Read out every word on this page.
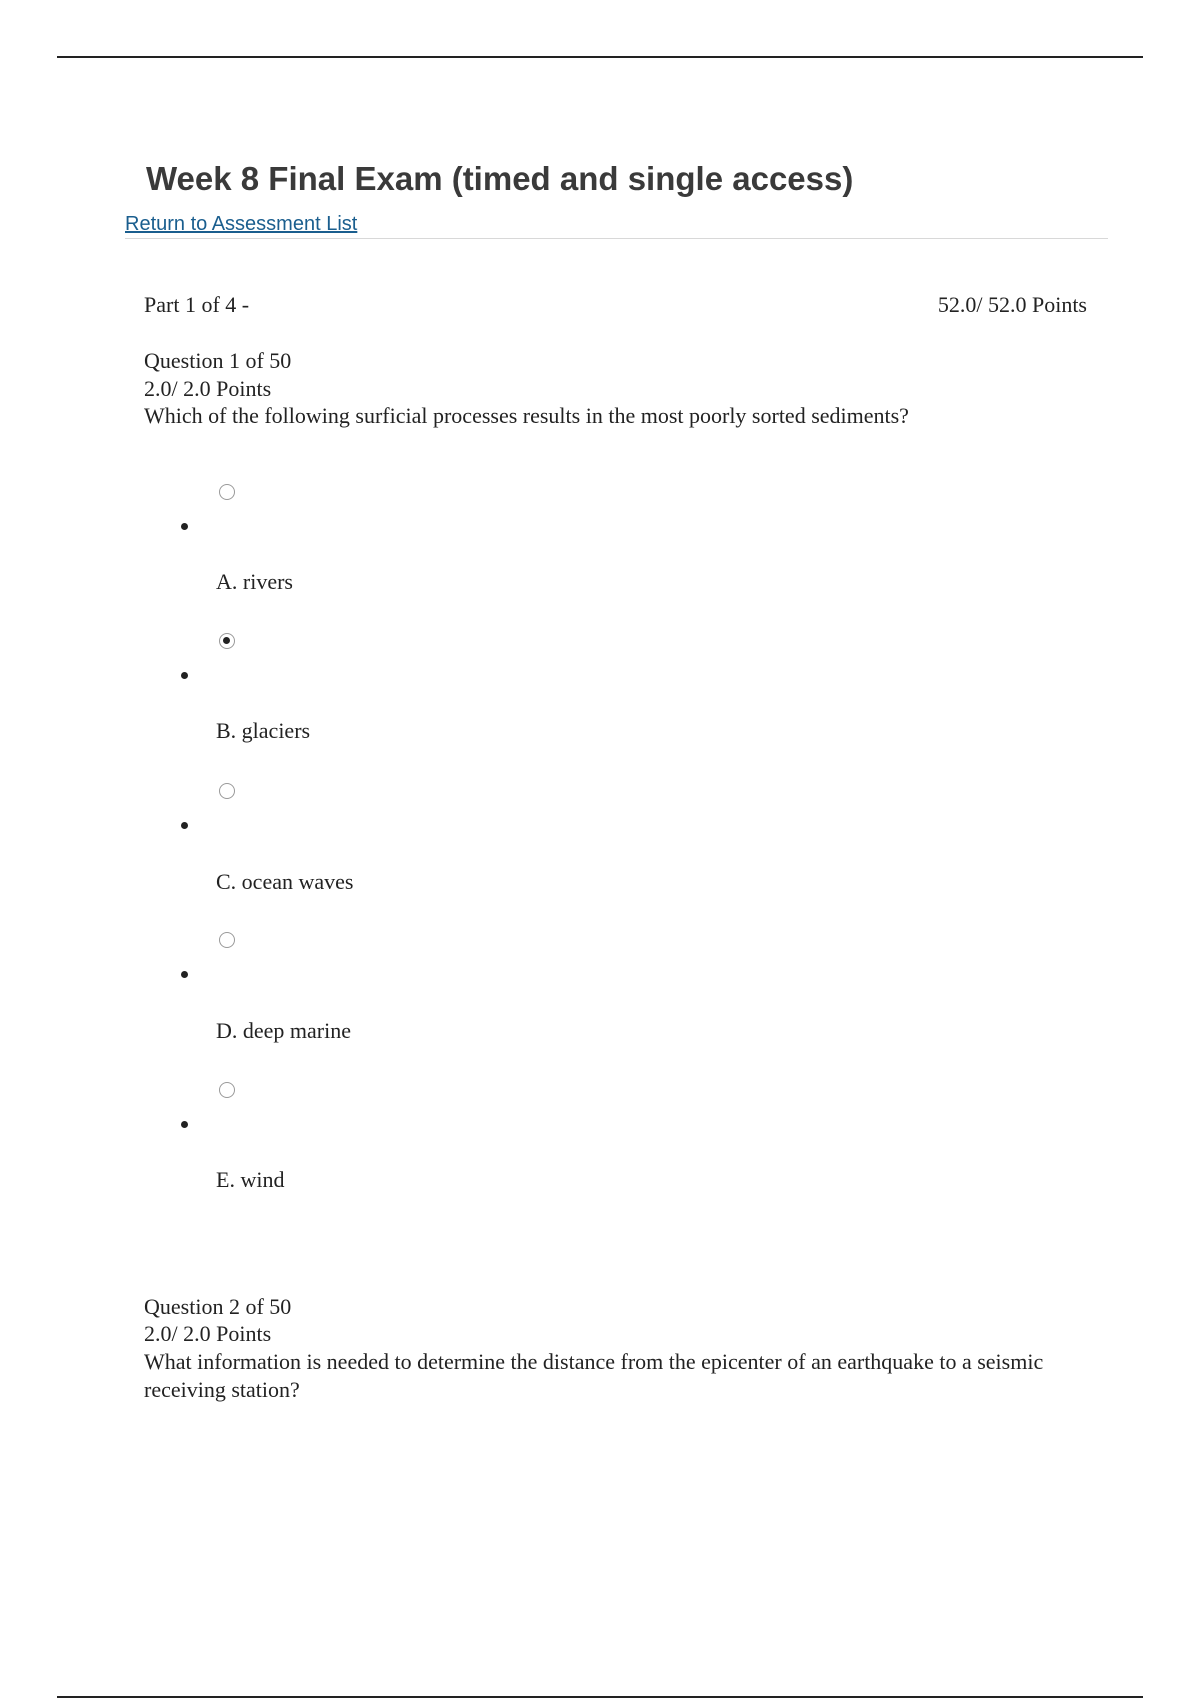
Week 8 Final Exam (timed and single access)
Return to Assessment List
Part 1 of 4 -	52.0/ 52.0 Points
Question 1 of 50
2.0/ 2.0 Points
Which of the following surficial processes results in the most poorly sorted sediments?
A. rivers
B. glaciers
C. ocean waves
D. deep marine
E. wind
Question 2 of 50
2.0/ 2.0 Points
What information is needed to determine the distance from the epicenter of an earthquake to a seismic receiving station?
